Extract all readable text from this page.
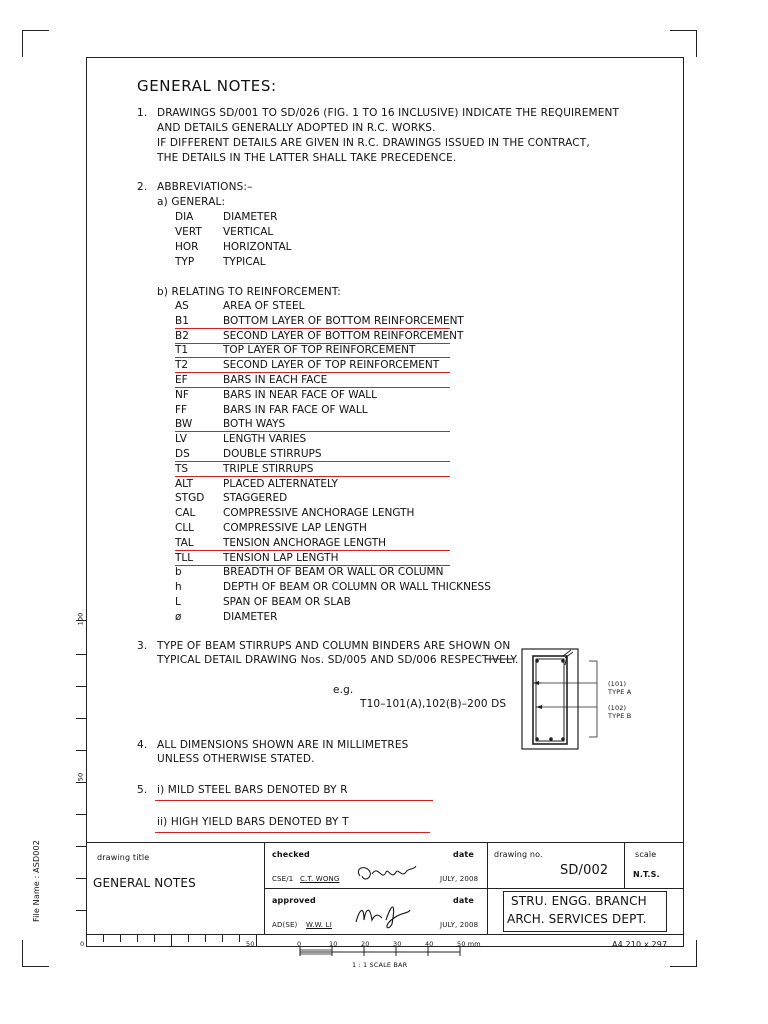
GENERAL NOTES:
1. DRAWINGS SD/001 TO SD/026 (FIG. 1 TO 16 INCLUSIVE) INDICATE THE REQUIREMENT
AND DETAILS GENERALLY ADOPTED IN R.C. WORKS.
IF DIFFERENT DETAILS ARE GIVEN IN R.C. DRAWINGS ISSUED IN THE CONTRACT,
THE DETAILS IN THE LATTER SHALL TAKE PRECEDENCE.
2. ABBREVIATIONS:–
a) GENERAL:
DIA	DIAMETER
VERT VERTICAL
HOR HORIZONTAL
TYP	TYPICAL
b) RELATING TO REINFORCEMENT:
AS	AREA OF STEEL
B1	BOTTOM LAYER OF BOTTOM REINFORCEMENT
B2	SECOND LAYER OF BOTTOM REINFORCEMENT
T1	TOP LAYER OF TOP REINFORCEMENT
T2	SECOND LAYER OF TOP REINFORCEMENT
EF	BARS IN EACH FACE
NF	BARS IN NEAR FACE OF WALL
FF	BARS IN FAR FACE OF WALL
BW	BOTH WAYS
LV	LENGTH VARIES
DS	DOUBLE STIRRUPS
TS	TRIPLE STIRRUPS
ALT	PLACED ALTERNATELY
STGD STAGGERED
CAL	COMPRESSIVE ANCHORAGE LENGTH
CLL	COMPRESSIVE LAP LENGTH
TAL	TENSION ANCHORAGE LENGTH
TLL	TENSION LAP LENGTH
b	BREADTH OF BEAM OR WALL OR COLUMN
h	DEPTH OF BEAM OR COLUMN OR WALL THICKNESS
L	SPAN OF BEAM OR SLAB
ø	DIAMETER
3. TYPE OF BEAM STIRRUPS AND COLUMN BINDERS ARE SHOWN ON
TYPICAL DETAIL DRAWING Nos. SD/005 AND SD/006 RESPECTIVELY.
e.g.
T10–101(A),102(B)–200 DS
(101)
TYPE A
(102)
TYPE B
4. ALL DIMENSIONS SHOWN ARE IN MILLIMETRES
UNLESS OTHERWISE STATED.
5. i) MILD STEEL BARS DENOTED BY R
ii) HIGH YIELD BARS DENOTED BY T
File Name : ASD002
100
50
drawing title
GENERAL NOTES
checked
CSE/1 C.T. WONG
date
JULY, 2008
approved
AD(SE) W.W. LI
date
JULY, 2008
drawing no.
SD/002
scale
N.T.S.
STRU. ENGG. BRANCH
ARCH. SERVICES DEPT.
A4 210 x 297
0	50	0	10	20	30	40	50 mm
1 : 1 SCALE BAR
